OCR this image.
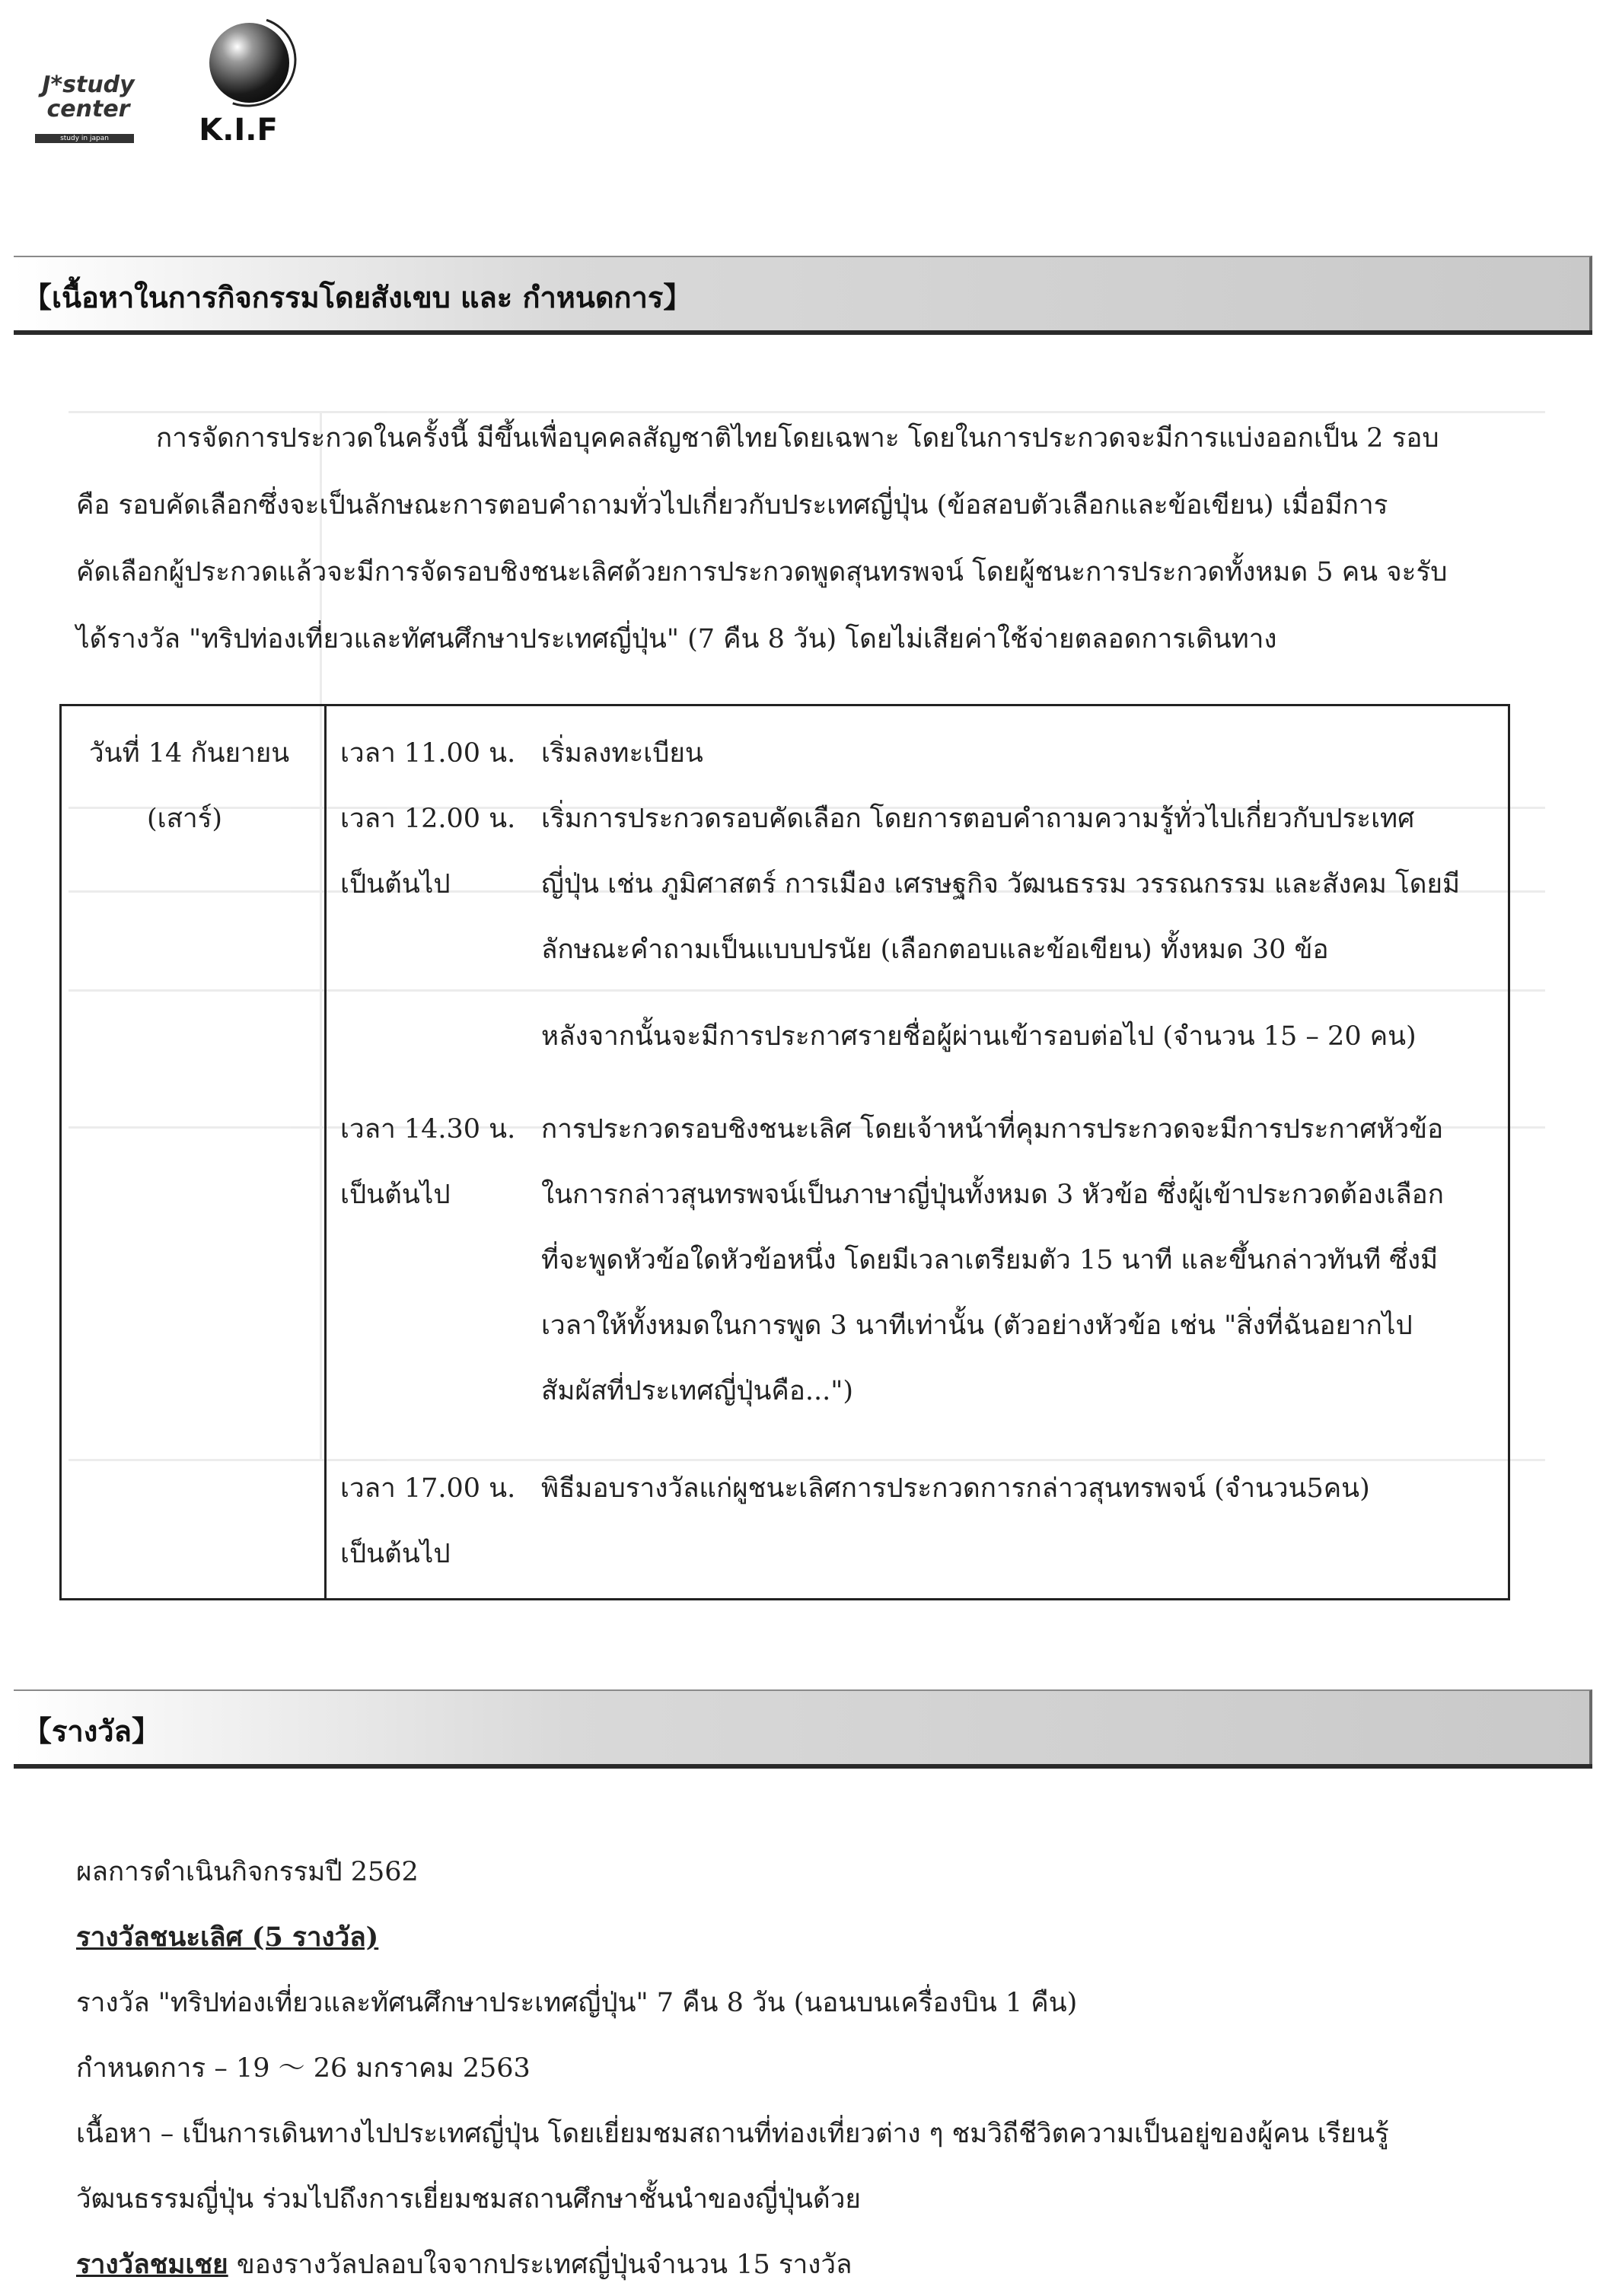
J*study
center
study in japan	K.I.F
【เนื้อหาในการกิจกรรมโดยสังเขบ และ กำหนดการ】
การจัดการประกวดในครั้งนี้ มีขึ้นเพื่อบุคคลสัญชาติไทยโดยเฉพาะ โดยในการประกวดจะมีการแบ่งออกเป็น 2 รอบ
คือ รอบคัดเลือกซึ่งจะเป็นลักษณะการตอบคำถามทั่วไปเกี่ยวกับประเทศญี่ปุ่น (ข้อสอบตัวเลือกและข้อเขียน) เมื่อมีการ
คัดเลือกผู้ประกวดแล้วจะมีการจัดรอบชิงชนะเลิศด้วยการประกวดพูดสุนทรพจน์ โดยผู้ชนะการประกวดทั้งหมด 5 คน จะรับ
ได้รางวัล "ทริปท่องเที่ยวและทัศนศึกษาประเทศญี่ปุ่น" (7 คืน 8 วัน) โดยไม่เสียค่าใช้จ่ายตลอดการเดินทาง
วันที่ 14 กันยายน
(เสาร์)
เวลา 11.00 น. เริ่มลงทะเบียน
เวลา 12.00 น.
เป็นต้นไป
เริ่มการประกวดรอบคัดเลือก โดยการตอบคำถามความรู้ทั่วไปเกี่ยวกับประเทศ
ญี่ปุ่น เช่น ภูมิศาสตร์ การเมือง เศรษฐกิจ วัฒนธรรม วรรณกรรม และสังคม โดยมี
ลักษณะคำถามเป็นแบบปรนัย (เลือกตอบและข้อเขียน) ทั้งหมด 30 ข้อ
หลังจากนั้นจะมีการประกาศรายชื่อผู้ผ่านเข้ารอบต่อไป (จำนวน 15 – 20 คน)
เวลา 14.30 น.
เป็นต้นไป
การประกวดรอบชิงชนะเลิศ โดยเจ้าหน้าที่คุมการประกวดจะมีการประกาศหัวข้อ
ในการกล่าวสุนทรพจน์เป็นภาษาญี่ปุ่นทั้งหมด 3 หัวข้อ ซึ่งผู้เข้าประกวดต้องเลือก
ที่จะพูดหัวข้อใดหัวข้อหนึ่ง โดยมีเวลาเตรียมตัว 15 นาที และขึ้นกล่าวทันที ซึ่งมี
เวลาให้ทั้งหมดในการพูด 3 นาทีเท่านั้น (ตัวอย่างหัวข้อ เช่น "สิ่งที่ฉันอยากไป
สัมผัสที่ประเทศญี่ปุ่นคือ...")
เวลา 17.00 น.
เป็นต้นไป
พิธีมอบรางวัลแก่ผูชนะเลิศการประกวดการกล่าวสุนทรพจน์ (จำนวน5คน)
【รางวัล】
ผลการดำเนินกิจกรรมปี 2562
รางวัลชนะเลิศ (5 รางวัล)
รางวัล "ทริปท่องเที่ยวและทัศนศึกษาประเทศญี่ปุ่น" 7 คืน 8 วัน (นอนบนเครื่องบิน 1 คืน)
กำหนดการ – 19 〜 26 มกราคม 2563
เนื้อหา – เป็นการเดินทางไปประเทศญี่ปุ่น โดยเยี่ยมชมสถานที่ท่องเที่ยวต่าง ๆ ชมวิถีชีวิตความเป็นอยู่ของผู้คน เรียนรู้
วัฒนธรรมญี่ปุ่น ร่วมไปถึงการเยี่ยมชมสถานศึกษาชั้นนำของญี่ปุ่นด้วย
รางวัลชมเชย ของรางวัลปลอบใจจากประเทศญี่ปุ่นจำนวน 15 รางวัล
